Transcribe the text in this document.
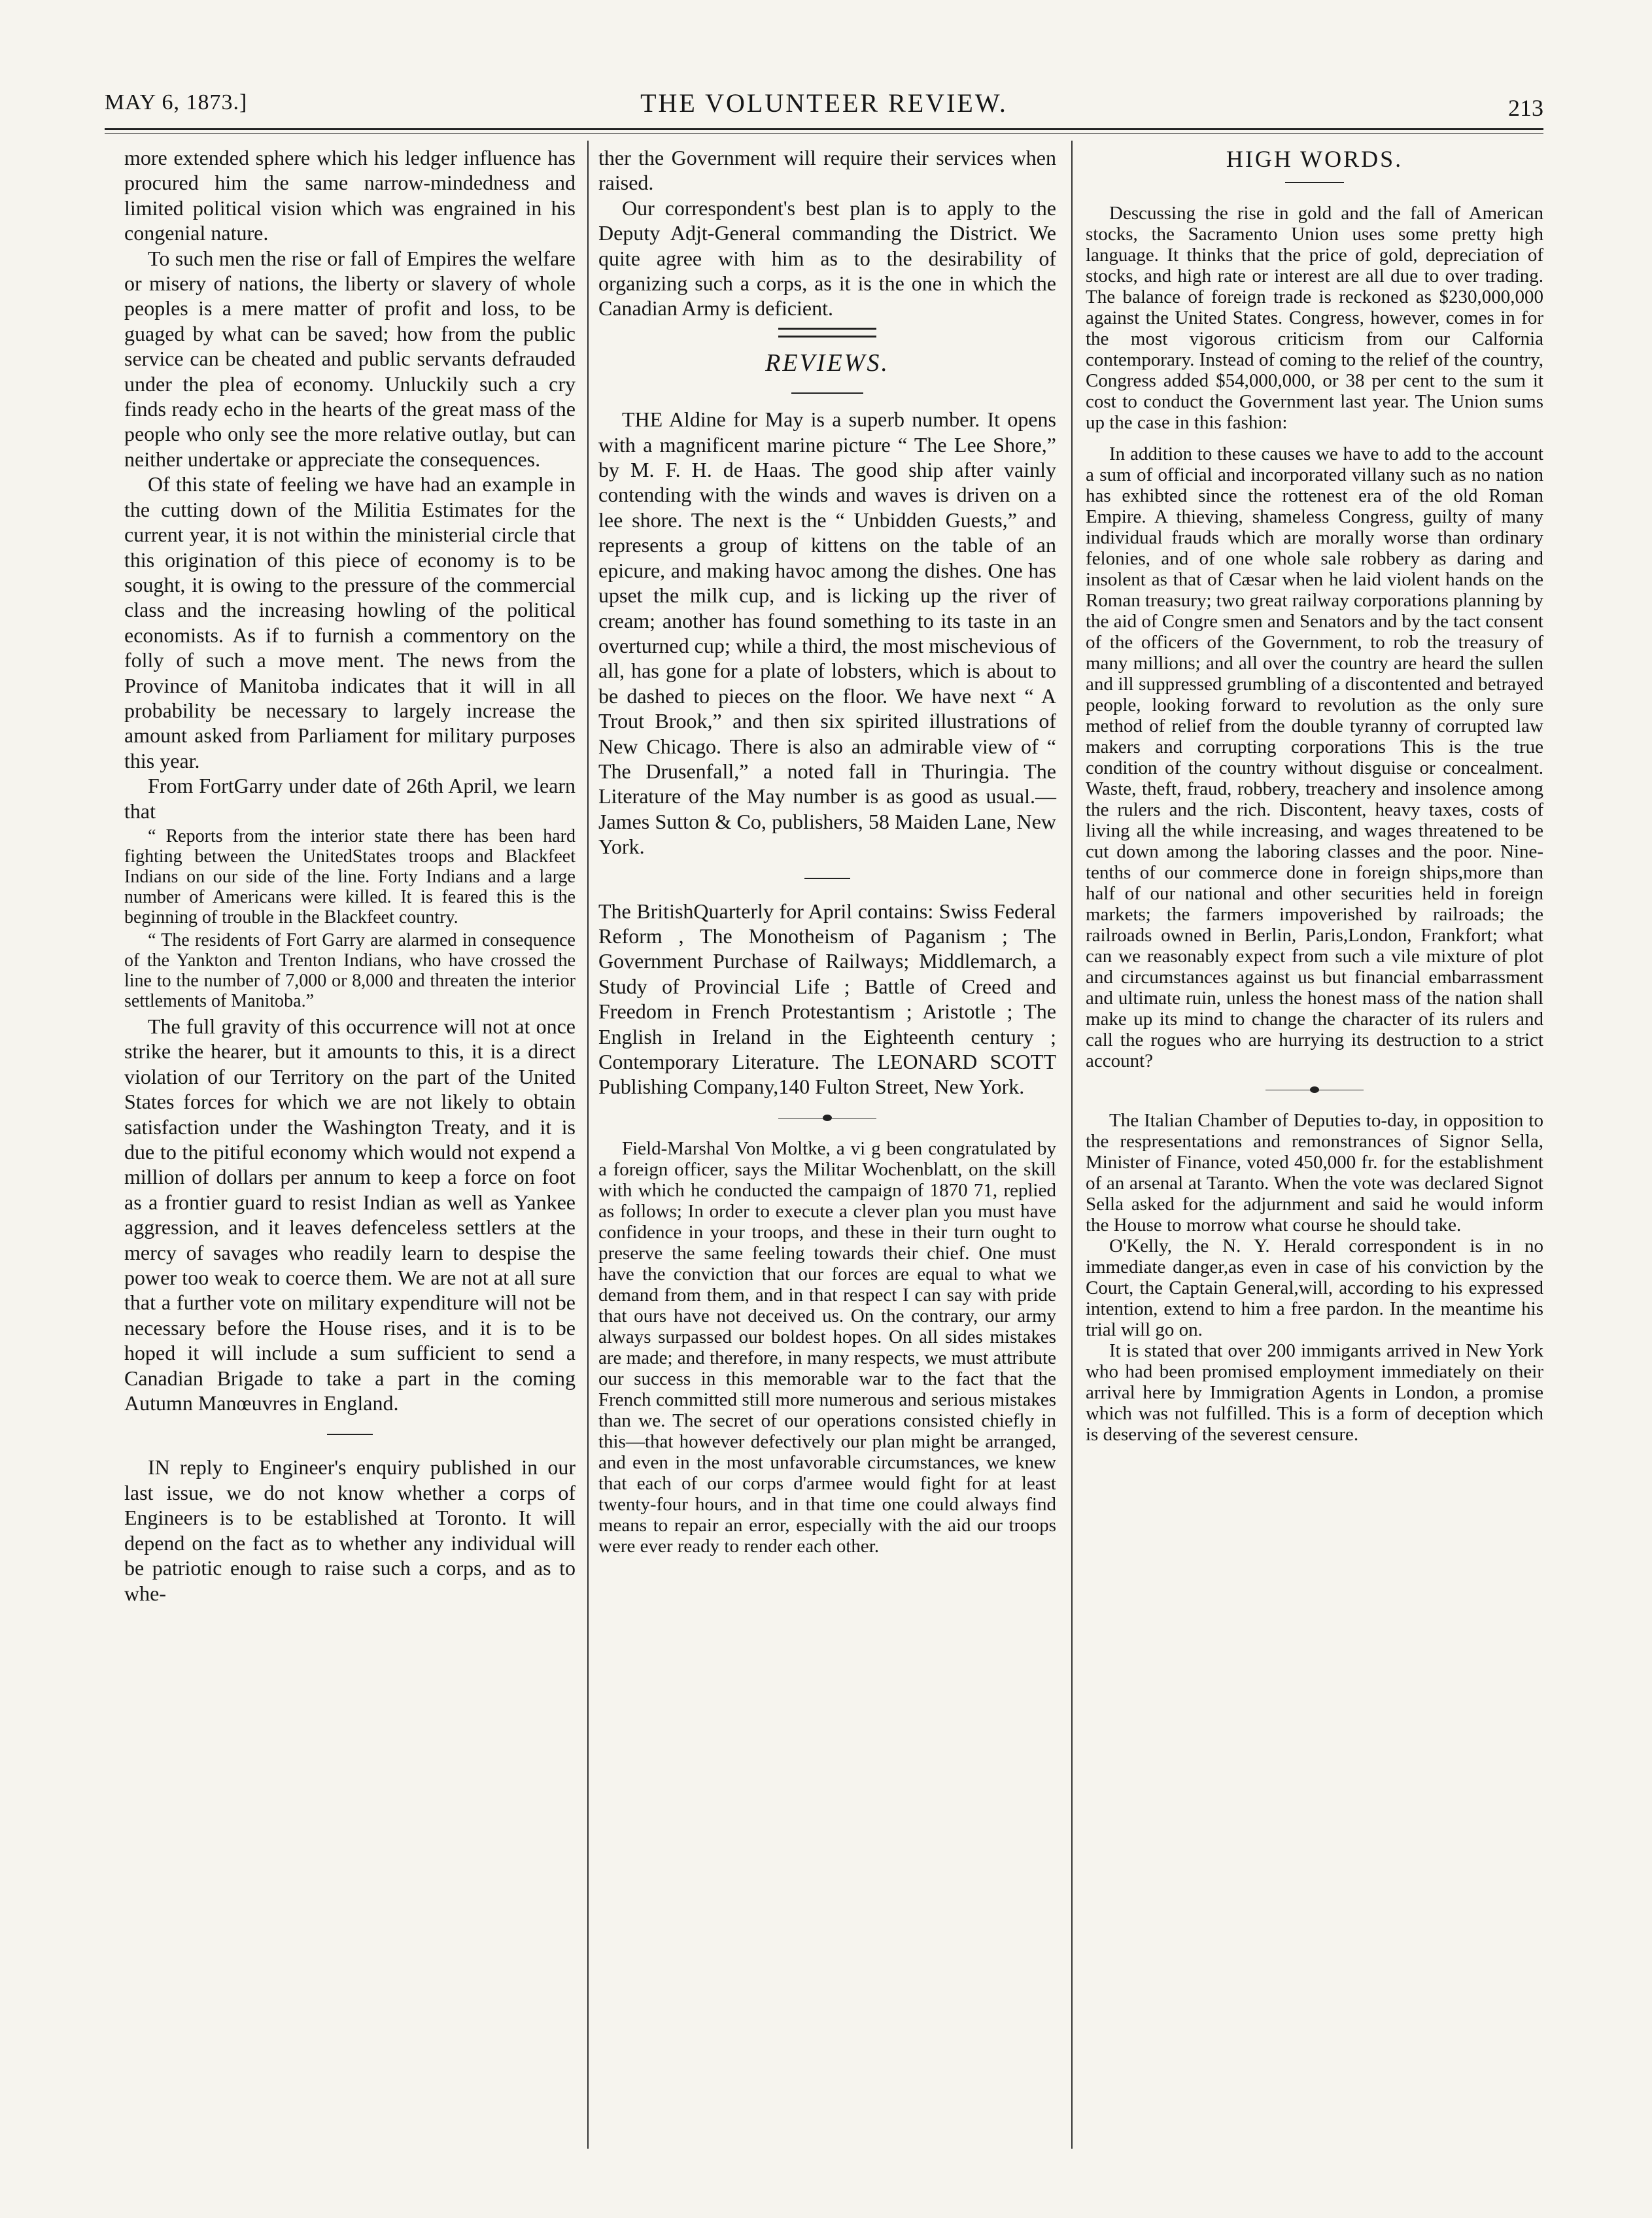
MAY 6, 1873.]	THE VOLUNTEER REVIEW.	213

more extended sphere which his ledger influence has procured him the same narrow-mindedness and limited political vision which was engrained in his congenial nature.

To such men the rise or fall of Empires the welfare or misery of nations, the liberty or slavery of whole peoples is a mere matter of profit and loss, to be guaged by what can be saved; how from the public service can be cheated and public servants defrauded under the plea of economy. Unluckily such a cry finds ready echo in the hearts of the great mass of the people who only see the more relative outlay, but can neither undertake or appreciate the consequences.

Of this state of feeling we have had an example in the cutting down of the Militia Estimates for the current year, it is not within the ministerial circle that this origination of this piece of economy is to be sought, it is owing to the pressure of the commercial class and the increasing howling of the political economists. As if to furnish a commentory on the folly of such a move ment. The news from the Province of Manitoba indicates that it will in all probability be necessary to largely increase the amount asked from Parliament for military purposes this year.

From FortGarry under date of 26th April, we learn that

“ Reports from the interior state there has been hard fighting between the UnitedStates troops and Blackfeet Indians on our side of the line. Forty Indians and a large number of Americans were killed. It is feared this is the beginning of trouble in the Blackfeet country.

“ The residents of Fort Garry are alarmed in consequence of the Yankton and Trenton Indians, who have crossed the line to the number of 7,000 or 8,000 and threaten the interior settlements of Manitoba.”

The full gravity of this occurrence will not at once strike the hearer, but it amounts to this, it is a direct violation of our Territory on the part of the United States forces for which we are not likely to obtain satisfaction under the Washington Treaty, and it is due to the pitiful economy which would not expend a million of dollars per annum to keep a force on foot as a frontier guard to resist Indian as well as Yankee aggression, and it leaves defenceless settlers at the mercy of savages who readily learn to despise the power too weak to coerce them. We are not at all sure that a further vote on military expenditure will not be necessary before the House rises, and it is to be hoped it will include a sum sufficient to send a Canadian Brigade to take a part in the coming Autumn Manœuvres in England.

IN reply to Engineer's enquiry published in our last issue, we do not know whether a corps of Engineers is to be established at Toronto. It will depend on the fact as to whether any individual will be patriotic enough to raise such a corps, and as to whe-

ther the Government will require their services when raised.

Our correspondent's best plan is to apply to the Deputy Adjt-General commanding the District. We quite agree with him as to the desirability of organizing such a corps, as it is the one in which the Canadian Army is deficient.

REVIEWS.

THE Aldine for May is a superb number. It opens with a magnificent marine picture “ The Lee Shore,” by M. F. H. de Haas. The good ship after vainly contending with the winds and waves is driven on a lee shore. The next is the “ Unbidden Guests,” and represents a group of kittens on the table of an epicure, and making havoc among the dishes. One has upset the milk cup, and is licking up the river of cream; another has found something to its taste in an overturned cup; while a third, the most mischevious of all, has gone for a plate of lobsters, which is about to be dashed to pieces on the floor. We have next “ A Trout Brook,” and then six spirited illustrations of New Chicago. There is also an admirable view of “ The Drusenfall,” a noted fall in Thuringia. The Literature of the May number is as good as usual.—James Sutton & Co, publishers, 58 Maiden Lane, New York.

The BritishQuarterly for April contains: Swiss Federal Reform , The Monotheism of Paganism ; The Government Purchase of Railways; Middlemarch, a Study of Provincial Life ; Battle of Creed and Freedom in French Protestantism ; Aristotle ; The English in Ireland in the Eighteenth century ; Contemporary Literature. The LEONARD SCOTT Publishing Company,140 Fulton Street, New York.

Field-Marshal Von Moltke, a vi g been congratulated by a foreign officer, says the Militar Wochenblatt, on the skill with which he conducted the campaign of 1870 71, replied as follows; In order to execute a clever plan you must have confidence in your troops, and these in their turn ought to preserve the same feeling towards their chief. One must have the conviction that our forces are equal to what we demand from them, and in that respect I can say with pride that ours have not deceived us. On the contrary, our army always surpassed our boldest hopes. On all sides mistakes are made; and therefore, in many respects, we must attribute our success in this memorable war to the fact that the French committed still more numerous and serious mistakes than we. The secret of our operations consisted chiefly in this—that however defectively our plan might be arranged, and even in the most unfavorable circumstances, we knew that each of our corps d'armee would fight for at least twenty-four hours, and in that time one could always find means to repair an error, especially with the aid our troops were ever ready to render each other.

HIGH WORDS.

Descussing the rise in gold and the fall of American stocks, the Sacramento Union uses some pretty high language. It thinks that the price of gold, depreciation of stocks, and high rate or interest are all due to over trading. The balance of foreign trade is reckoned as $230,000,000 against the United States. Congress, however, comes in for the most vigorous criticism from our Calfornia contemporary. Instead of coming to the relief of the country, Congress added $54,000,000, or 38 per cent to the sum it cost to conduct the Government last year. The Union sums up the case in this fashion:

In addition to these causes we have to add to the account a sum of official and incorporated villany such as no nation has exhibted since the rottenest era of the old Roman Empire. A thieving, shameless Congress, guilty of many individual frauds which are morally worse than ordinary felonies, and of one whole sale robbery as daring and insolent as that of Cæsar when he laid violent hands on the Roman treasury; two great railway corporations planning by the aid of Congre smen and Senators and by the tact consent of the officers of the Government, to rob the treasury of many millions; and all over the country are heard the sullen and ill suppressed grumbling of a discontented and betrayed people, looking forward to revolution as the only sure method of relief from the double tyranny of corrupted law makers and corrupting corporations This is the true condition of the country without disguise or concealment. Waste, theft, fraud, robbery, treachery and insolence among the rulers and the rich. Discontent, heavy taxes, costs of living all the while increasing, and wages threatened to be cut down among the laboring classes and the poor. Nine-tenths of our commerce done in foreign ships,more than half of our national and other securities held in foreign markets; the farmers impoverished by railroads; the railroads owned in Berlin, Paris,London, Frankfort; what can we reasonably expect from such a vile mixture of plot and circumstances against us but financial embarrassment and ultimate ruin, unless the honest mass of the nation shall make up its mind to change the character of its rulers and call the rogues who are hurrying its destruction to a strict account?

The Italian Chamber of Deputies to-day, in opposition to the respresentations and remonstrances of Signor Sella, Minister of Finance, voted 450,000 fr. for the establishment of an arsenal at Taranto. When the vote was declared Signot Sella asked for the adjurnment and said he would inform the House to morrow what course he should take.

O'Kelly, the N. Y. Herald correspondent is in no immediate danger,as even in case of his conviction by the Court, the Captain General,will, according to his expressed intention, extend to him a free pardon. In the meantime his trial will go on.

It is stated that over 200 immigants arrived in New York who had been promised employment immediately on their arrival here by Immigration Agents in London, a promise which was not fulfilled. This is a form of deception which is deserving of the severest censure.
